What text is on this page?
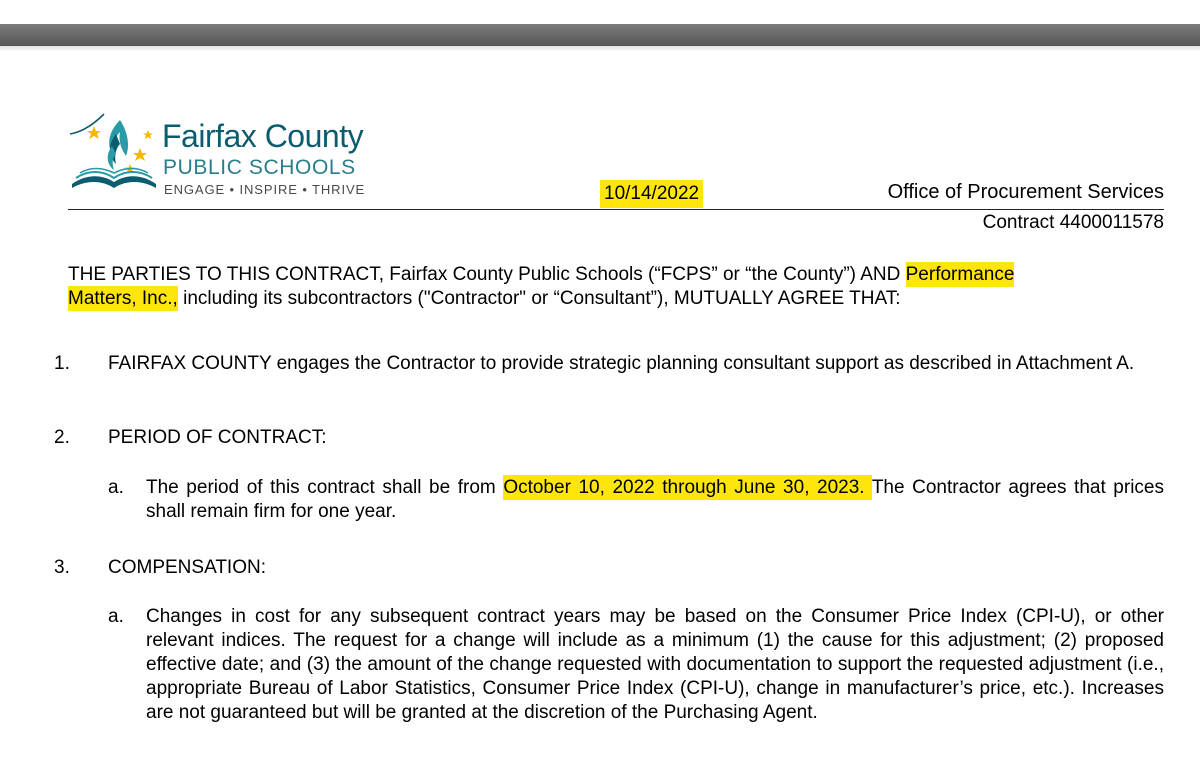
Fairfax County
PUBLIC SCHOOLS
ENGAGE • INSPIRE • THRIVE	10/14/2022	Office of Procurement Services
Contract 4400011578
THE PARTIES TO THIS CONTRACT, Fairfax County Public Schools (“FCPS” or “the County”) AND Performance
Matters, Inc., including its subcontractors ("Contractor" or “Consultant”), MUTUALLY AGREE THAT:
1. FAIRFAX COUNTY engages the Contractor to provide strategic planning consultant support as described in Attachment A.
2. PERIOD OF CONTRACT:
a. The period of this contract shall be from October 10, 2022 through June 30, 2023. The Contractor agrees that prices shall remain firm for one year.
3. COMPENSATION:
a. Changes in cost for any subsequent contract years may be based on the Consumer Price Index (CPI-U), or other relevant indices. The request for a change will include as a minimum (1) the cause for this adjustment; (2) proposed effective date; and (3) the amount of the change requested with documentation to support the requested adjustment (i.e., appropriate Bureau of Labor Statistics, Consumer Price Index (CPI-U), change in manufacturer’s price, etc.). Increases are not guaranteed but will be granted at the discretion of the Purchasing Agent.
